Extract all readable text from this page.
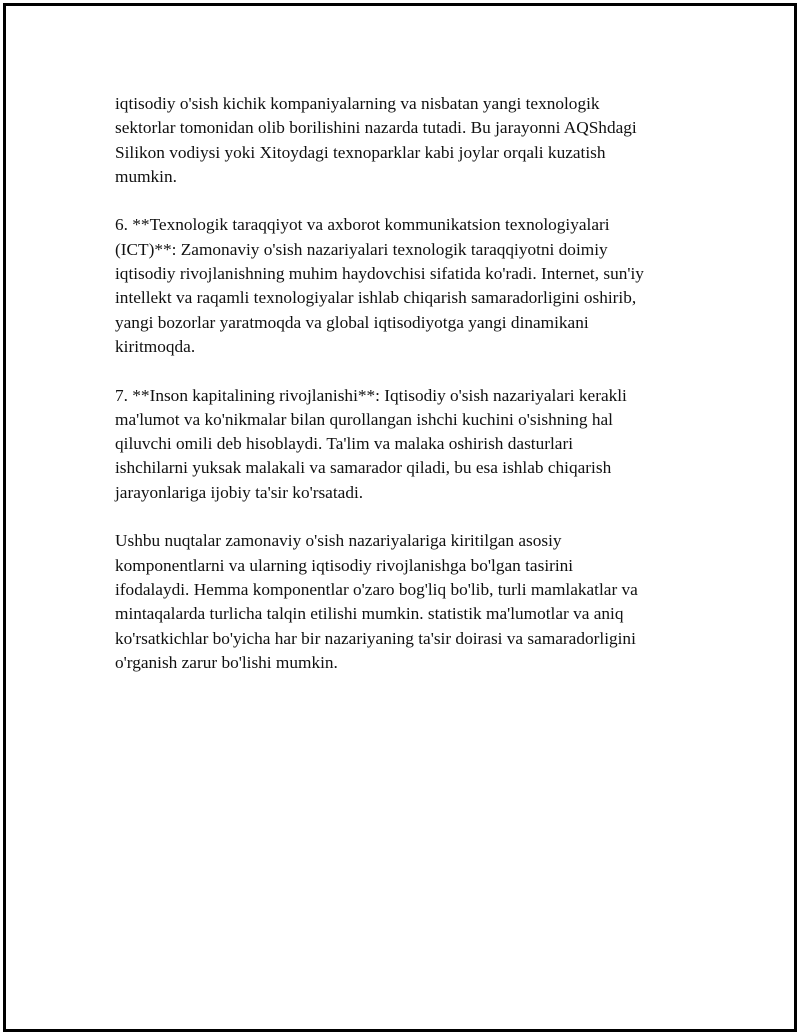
iqtisodiy o'sish kichik kompaniyalarning va nisbatan yangi texnologik
sektorlar tomonidan olib borilishini nazarda tutadi. Bu jarayonni AQShdagi
Silikon vodiysi yoki Xitoydagi texnoparklar kabi joylar orqali kuzatish
mumkin.

6. **Texnologik taraqqiyot va axborot kommunikatsion texnologiyalari
(ICT)**: Zamonaviy o'sish nazariyalari texnologik taraqqiyotni doimiy
iqtisodiy rivojlanishning muhim haydovchisi sifatida ko'radi. Internet, sun'iy
intellekt va raqamli texnologiyalar ishlab chiqarish samaradorligini oshirib,
yangi bozorlar yaratmoqda va global iqtisodiyotga yangi dinamikani
kiritmoqda.

7. **Inson kapitalining rivojlanishi**: Iqtisodiy o'sish nazariyalari kerakli
ma'lumot va ko'nikmalar bilan qurollangan ishchi kuchini o'sishning hal
qiluvchi omili deb hisoblaydi. Ta'lim va malaka oshirish dasturlari
ishchilarni yuksak malakali va samarador qiladi, bu esa ishlab chiqarish
jarayonlariga ijobiy ta'sir ko'rsatadi.

Ushbu nuqtalar zamonaviy o'sish nazariyalariga kiritilgan asosiy
komponentlarni va ularning iqtisodiy rivojlanishga bo'lgan tasirini
ifodalaydi. Hemma komponentlar o'zaro bog'liq bo'lib, turli mamlakatlar va
mintaqalarda turlicha talqin etilishi mumkin. statistik ma'lumotlar va aniq
ko'rsatkichlar bo'yicha har bir nazariyaning ta'sir doirasi va samaradorligini
o'rganish zarur bo'lishi mumkin.
